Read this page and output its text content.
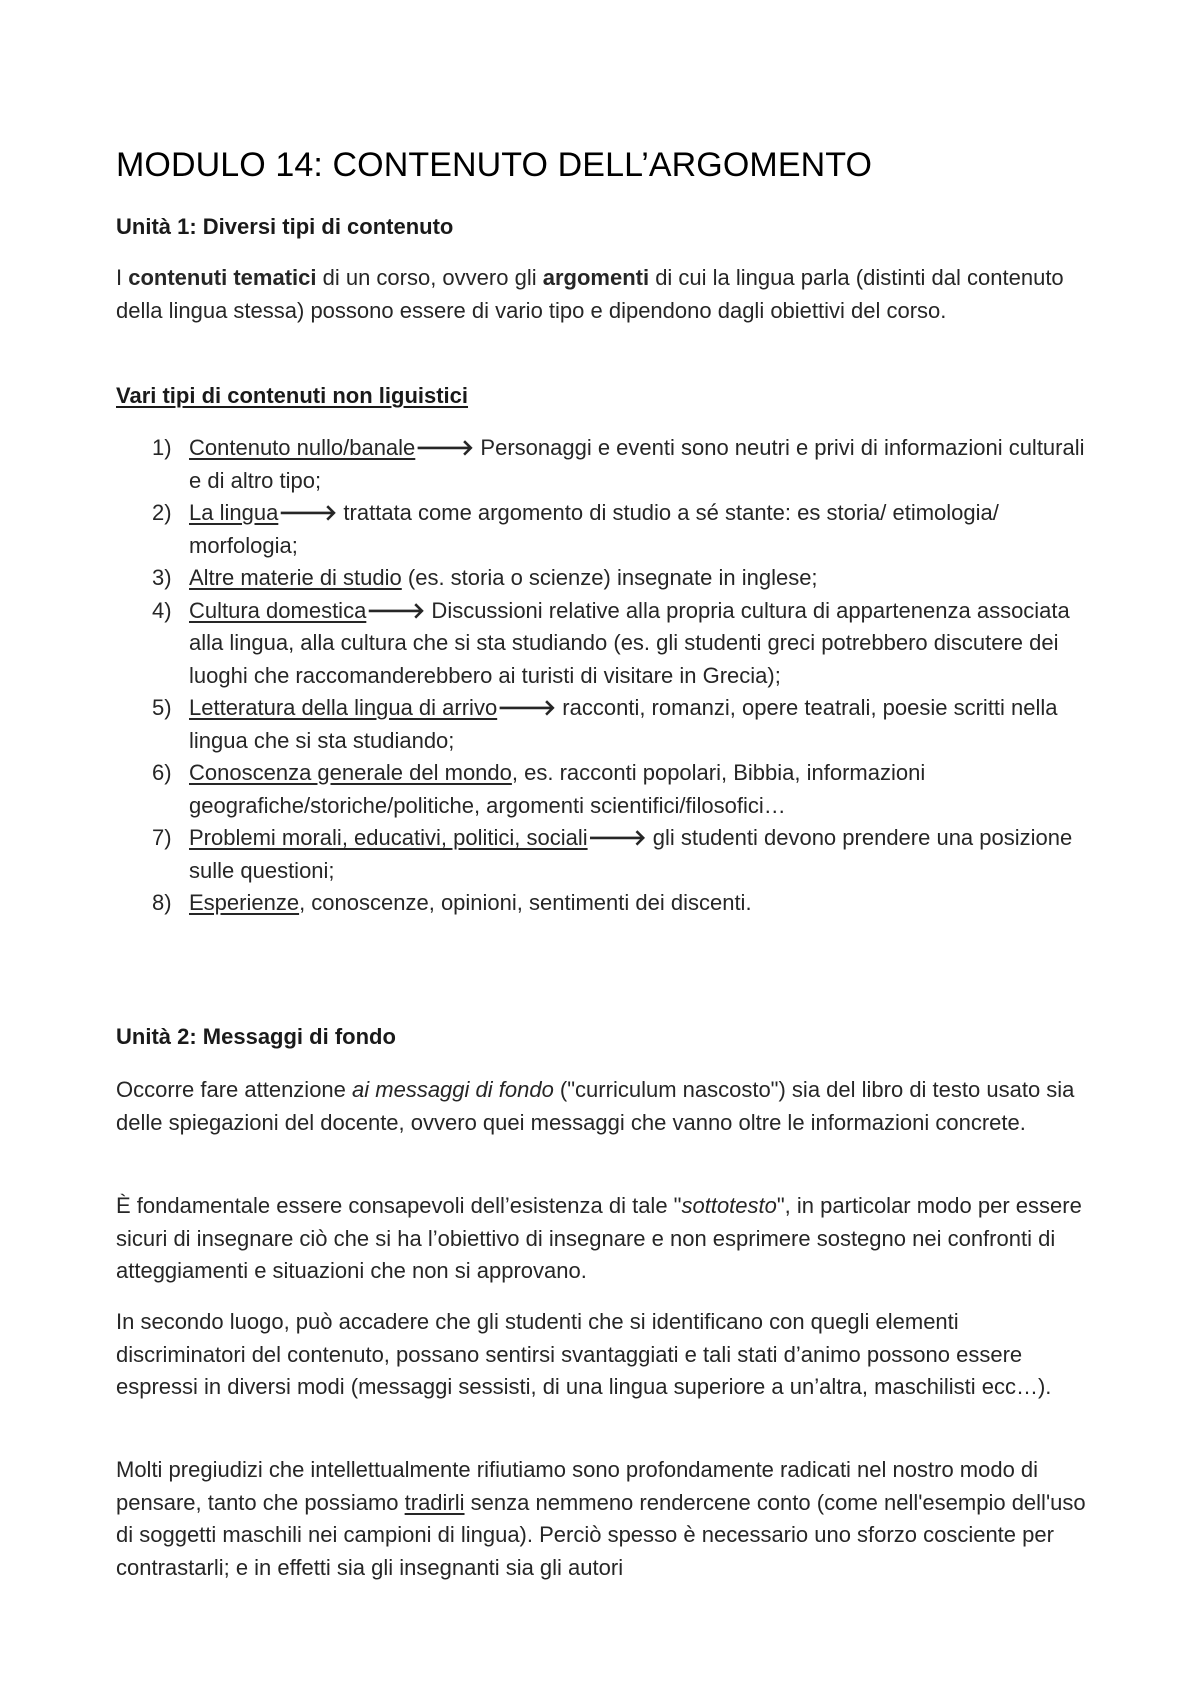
MODULO 14: CONTENUTO DELL’ARGOMENTO
Unità 1: Diversi tipi di contenuto

I contenuti tematici di un corso, ovvero gli argomenti di cui la lingua parla (distinti dal contenuto della lingua stessa) possono essere di vario tipo e dipendono dagli obiettivi del corso.

Vari tipi di contenuti non liguistici
1) Contenuto nullo/banale🡒 Personaggi e eventi sono neutri e privi di informazioni culturali e di altro tipo;
2) La lingua🡒 trattata come argomento di studio a sé stante: es storia/ etimologia/ morfologia;
3) Altre materie di studio (es. storia o scienze) insegnate in inglese;
4) Cultura domestica🡒 Discussioni relative alla propria cultura di appartenenza associata alla lingua, alla cultura che si sta studiando (es. gli studenti greci potrebbero discutere dei luoghi che raccomanderebbero ai turisti di visitare in Grecia);
5) Letteratura della lingua di arrivo🡒 racconti, romanzi, opere teatrali, poesie scritti nella lingua che si sta studiando;
6) Conoscenza generale del mondo, es. racconti popolari, Bibbia, informazioni geografiche/storiche/politiche, argomenti scientifici/filosofici…
7) Problemi morali, educativi, politici, sociali🡒 gli studenti devono prendere una posizione sulle questioni;
8) Esperienze, conoscenze, opinioni, sentimenti dei discenti.
Unità 2: Messaggi di fondo

Occorre fare attenzione ai messaggi di fondo ("curriculum nascosto") sia del libro di testo usato sia delle spiegazioni del docente, ovvero quei messaggi che vanno oltre le informazioni concrete.

È fondamentale essere consapevoli dell’esistenza di tale "sottotesto", in particolar modo per essere sicuri di insegnare ciò che si ha l’obiettivo di insegnare e non esprimere sostegno nei confronti di atteggiamenti e situazioni che non si approvano.

In secondo luogo, può accadere che gli studenti che si identificano con quegli elementi discriminatori del contenuto, possano sentirsi svantaggiati e tali stati d’animo possono essere espressi in diversi modi (messaggi sessisti, di una lingua superiore a un’altra, maschilisti ecc…).

Molti pregiudizi che intellettualmente rifiutiamo sono profondamente radicati nel nostro modo di pensare, tanto che possiamo tradirli senza nemmeno rendercene conto (come nell'esempio dell'uso di soggetti maschili nei campioni di lingua). Perciò spesso è necessario uno sforzo cosciente per contrastarli; e in effetti sia gli insegnanti sia gli autori
